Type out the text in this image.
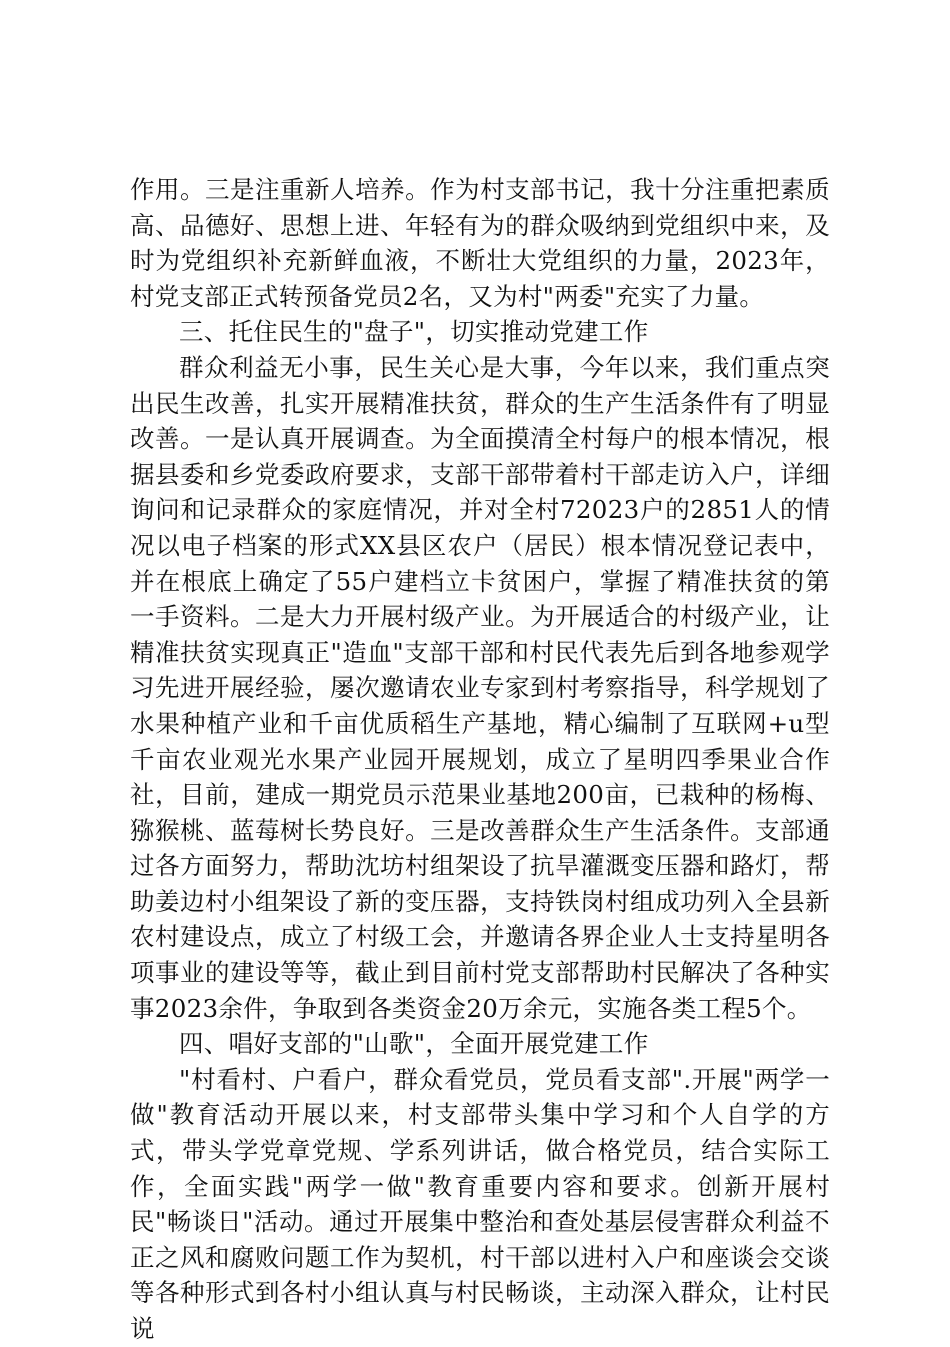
作用。三是注重新人培养。作为村支部书记，我十分注重把素质高、品德好、思想上进、年轻有为的群众吸纳到党组织中来，及时为党组织补充新鲜血液，不断壮大党组织的力量，2023年，村党支部正式转预备党员2名，又为村"两委"充实了力量。

三、托住民生的"盘子"，切实推动党建工作

群众利益无小事，民生关心是大事，今年以来，我们重点突出民生改善，扎实开展精准扶贫，群众的生产生活条件有了明显改善。一是认真开展调查。为全面摸清全村每户的根本情况，根据县委和乡党委政府要求，支部干部带着村干部走访入户，详细询问和记录群众的家庭情况，并对全村72023户的2851人的情况以电子档案的形式XX县区农户（居民）根本情况登记表中，并在根底上确定了55户建档立卡贫困户，掌握了精准扶贫的第一手资料。二是大力开展村级产业。为开展适合的村级产业，让精准扶贫实现真正"造血"支部干部和村民代表先后到各地参观学习先进开展经验，屡次邀请农业专家到村考察指导，科学规划了水果种植产业和千亩优质稻生产基地，精心编制了互联网+u型千亩农业观光水果产业园开展规划，成立了星明四季果业合作社，目前，建成一期党员示范果业基地200亩，已栽种的杨梅、猕猴桃、蓝莓树长势良好。三是改善群众生产生活条件。支部通过各方面努力，帮助沈坊村组架设了抗旱灌溉变压器和路灯，帮助姜边村小组架设了新的变压器，支持铁岗村组成功列入全县新农村建设点，成立了村级工会，并邀请各界企业人士支持星明各项事业的建设等等，截止到目前村党支部帮助村民解决了各种实事2023余件，争取到各类资金20万余元，实施各类工程5个。

四、唱好支部的"山歌"，全面开展党建工作

"村看村、户看户，群众看党员，党员看支部".开展"两学一做"教育活动开展以来，村支部带头集中学习和个人自学的方式，带头学党章党规、学系列讲话，做合格党员，结合实际工作，全面实践"两学一做"教育重要内容和要求。创新开展村民"畅谈日"活动。通过开展集中整治和查处基层侵害群众利益不正之风和腐败问题工作为契机，村干部以进村入户和座谈会交谈等各种形式到各村小组认真与村民畅谈，主动深入群众，让村民说
